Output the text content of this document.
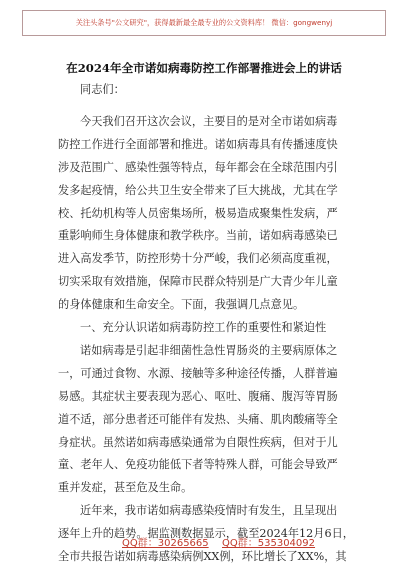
关注头条号"公文研究"，获得最新最全最专业的公文资料库！ 微信：gongwenyj
在2024年全市诺如病毒防控工作部署推进会上的讲话
同志们：
今天我们召开这次会议，主要目的是对全市诺如病毒
防控工作进行全面部署和推进。诺如病毒具有传播速度快
涉及范围广、感染性强等特点，每年都会在全球范围内引
发多起疫情，给公共卫生安全带来了巨大挑战，尤其在学
校、托幼机构等人员密集场所，极易造成聚集性发病，严
重影响师生身体健康和教学秩序。当前，诺如病毒感染已
进入高发季节，防控形势十分严峻，我们必须高度重视，
切实采取有效措施，保障市民群众特别是广大青少年儿童
的身体健康和生命安全。下面，我强调几点意见。
一、充分认识诺如病毒防控工作的重要性和紧迫性
诺如病毒是引起非细菌性急性胃肠炎的主要病原体之
一，可通过食物、水源、接触等多种途径传播，人群普遍
易感。其症状主要表现为恶心、呕吐、腹痛、腹泻等胃肠
道不适，部分患者还可能伴有发热、头痛、肌肉酸痛等全
身症状。虽然诺如病毒感染通常为自限性疾病，但对于儿
童、老年人、免疫功能低下者等特殊人群，可能会导致严
重并发症，甚至危及生命。
近年来，我市诺如病毒感染疫情时有发生，且呈现出
逐年上升的趋势。据监测数据显示，截至2024年12月6日，
全市共报告诺如病毒感染病例XX例，环比增长了XX%，其
QQ群：30265665 QQ群：535304092
